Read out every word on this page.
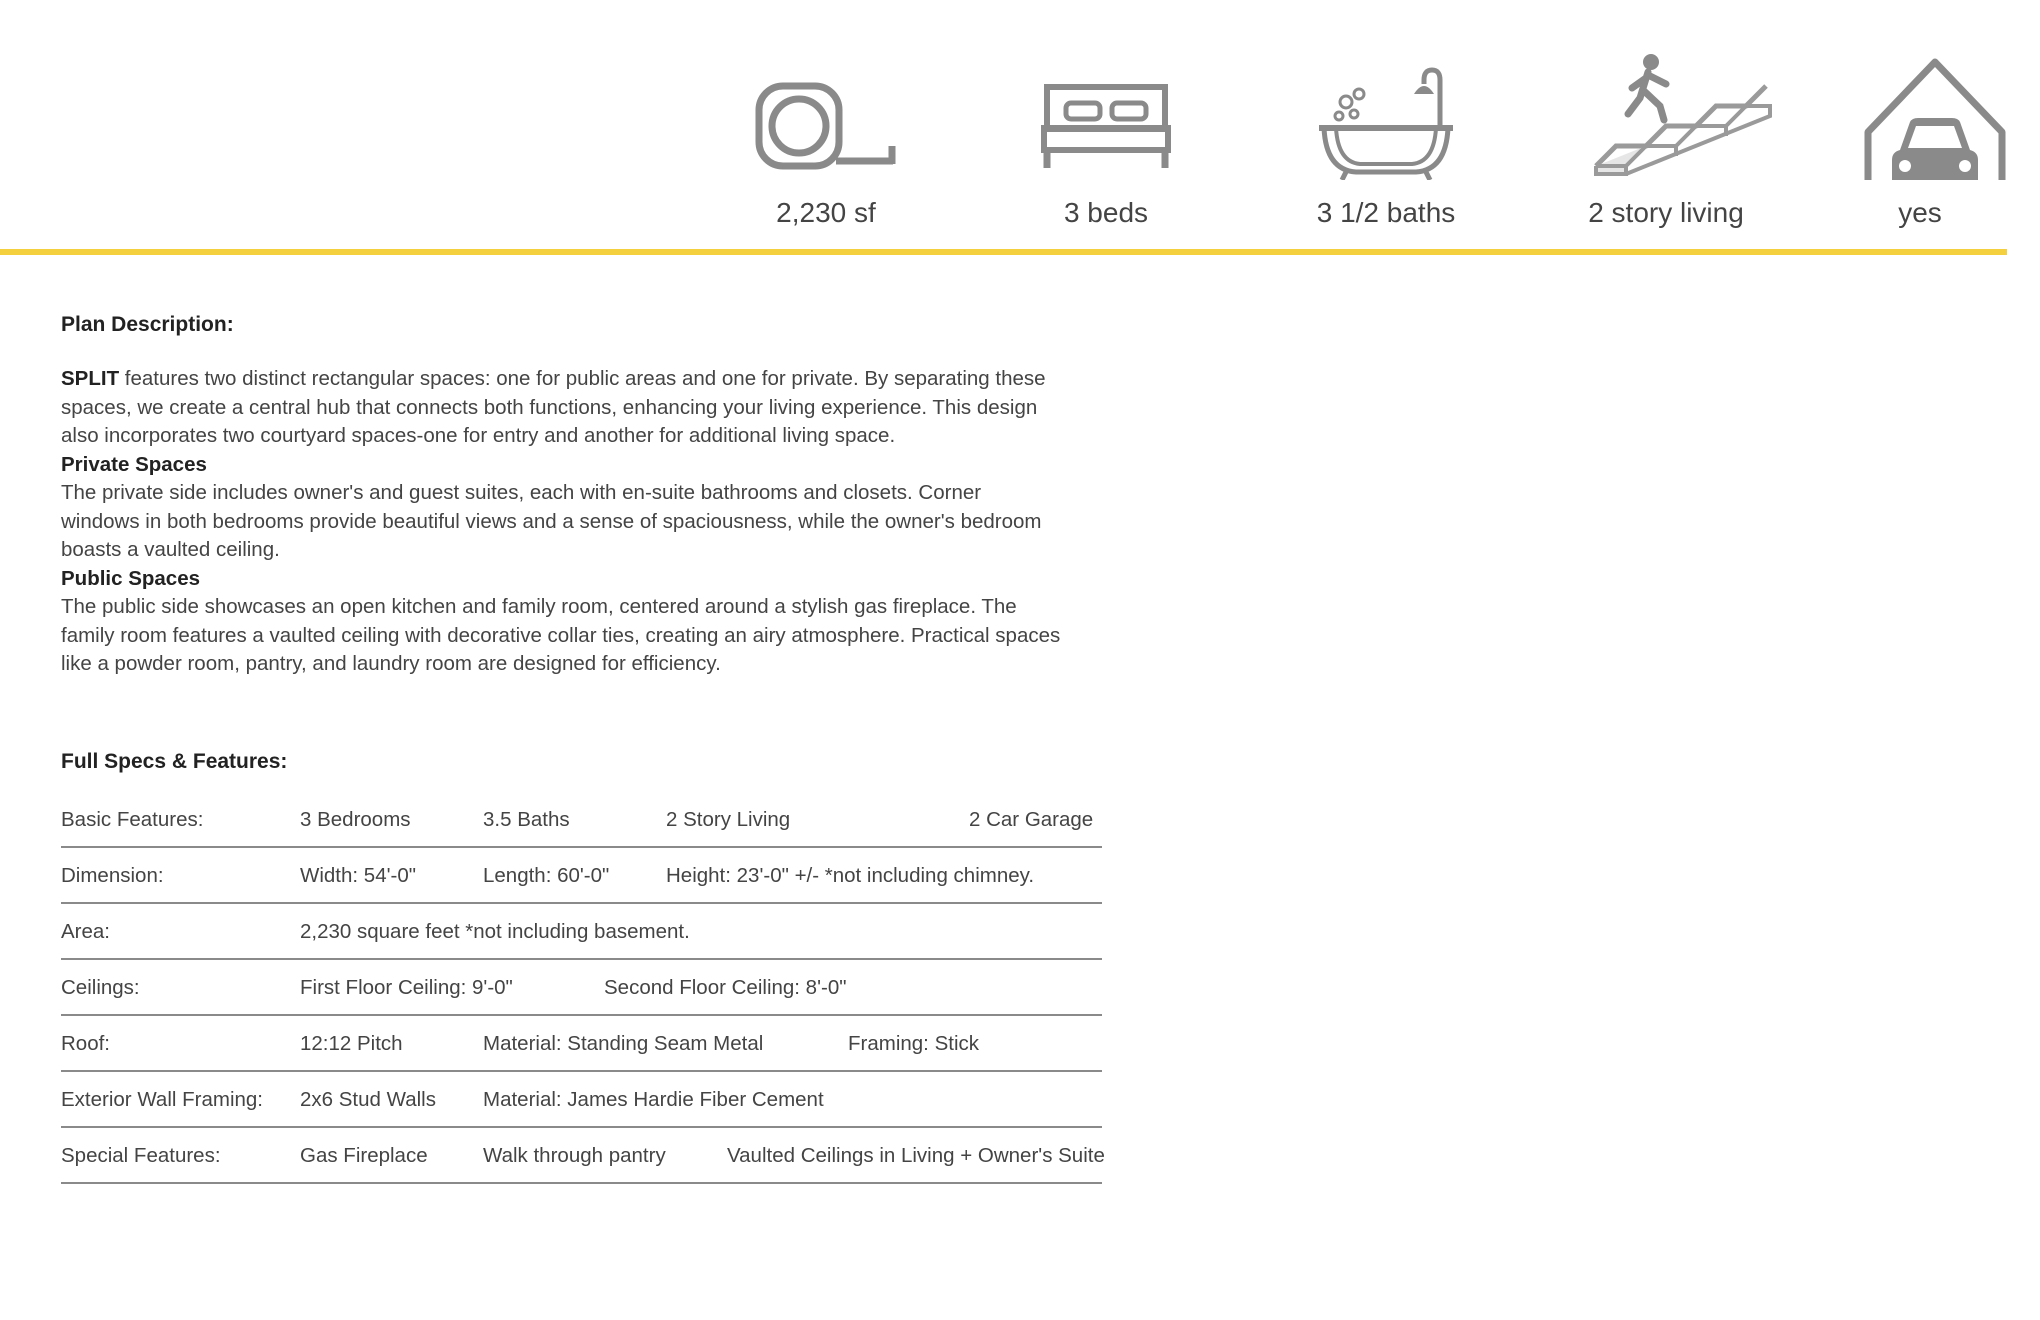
2,230 sf	3 beds	3 1/2 baths	2 story living	yes
Plan Description:

SPLIT features two distinct rectangular spaces: one for public areas and one for private. By separating these spaces, we create a central hub that connects both functions, enhancing your living experience. This design also incorporates two courtyard spaces-one for entry and another for additional living space.

Private Spaces

The private side includes owner's and guest suites, each with en-suite bathrooms and closets. Corner windows in both bedrooms provide beautiful views and a sense of spaciousness, while the owner's bedroom boasts a vaulted ceiling.

Public Spaces

The public side showcases an open kitchen and family room, centered around a stylish gas fireplace. The family room features a vaulted ceiling with decorative collar ties, creating an airy atmosphere. Practical spaces like a powder room, pantry, and laundry room are designed for efficiency.

Full Specs & Features:
Basic Features:	3 Bedrooms	3.5 Baths	2 Story Living	2 Car Garage
Dimension:	Width: 54'-0"	Length: 60'-0"	Height: 23'-0" +/- *not including chimney.
Area:	2,230 square feet *not including basement.
Ceilings:	First Floor Ceiling: 9'-0"	Second Floor Ceiling: 8'-0"
Roof:	12:12 Pitch	Material: Standing Seam Metal	Framing: Stick
Exterior Wall Framing: 2x6 Stud Walls Material: James Hardie Fiber Cement
Special Features:	Gas Fireplace	Walk through pantry	Vaulted Ceilings in Living + Owner's Suite
